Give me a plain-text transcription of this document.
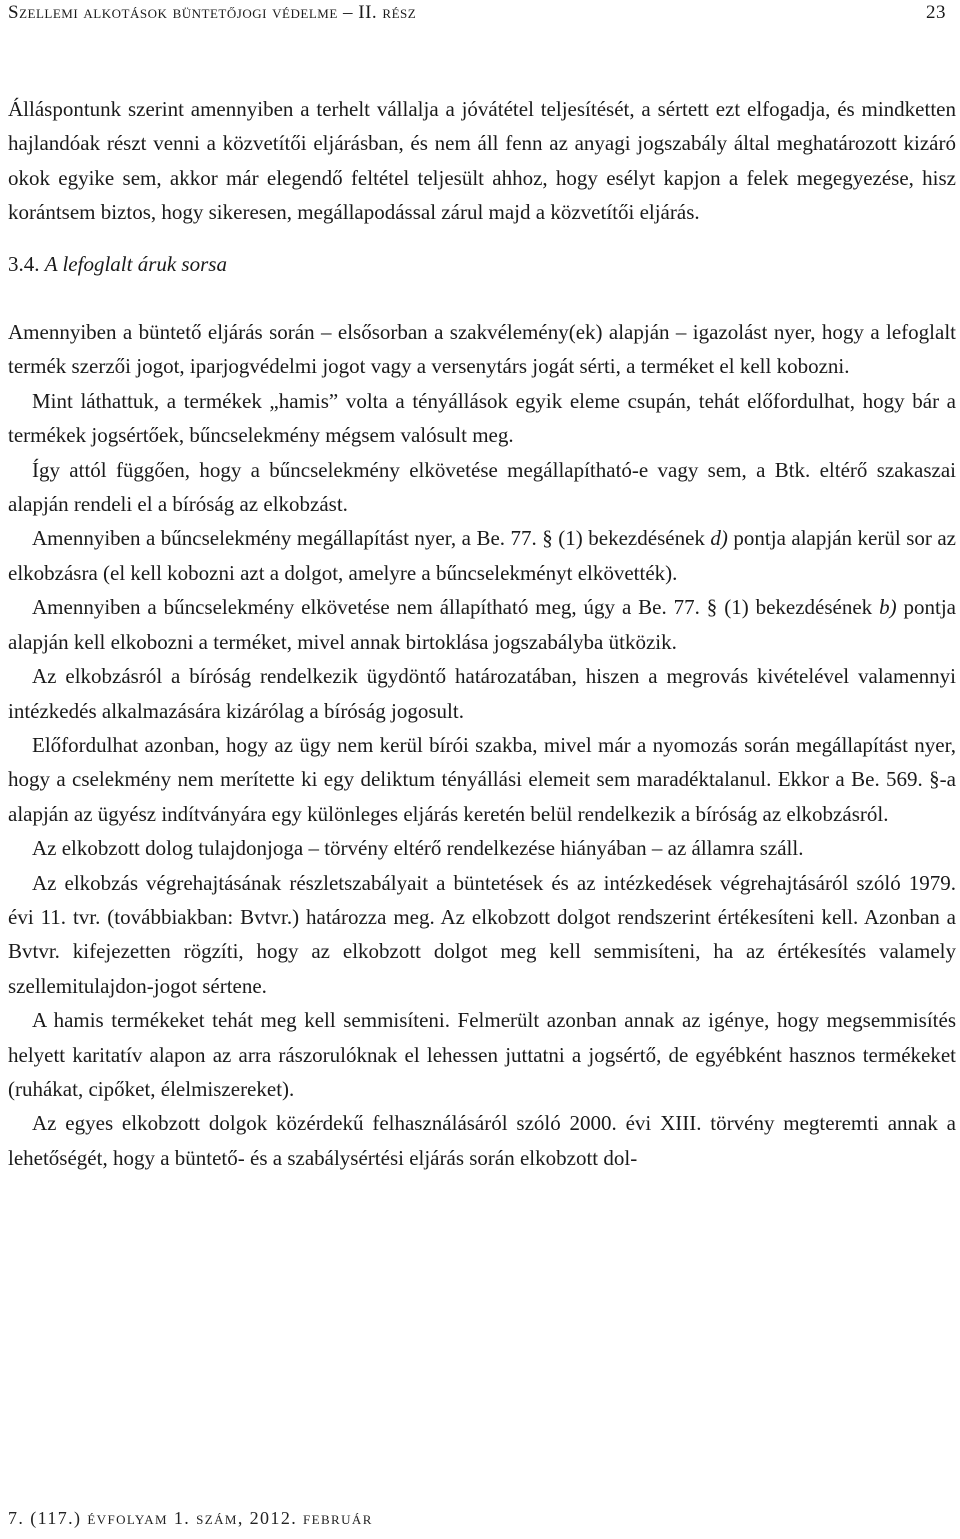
Szellemi alkotások büntetőjogi védelme – II. rész	23

Álláspontunk szerint amennyiben a terhelt vállalja a jóvátétel teljesítését, a sértett ezt elfogadja, és mindketten hajlandóak részt venni a közvetítői eljárásban, és nem áll fenn az anyagi jogszabály által meghatározott kizáró okok egyike sem, akkor már elegendő feltétel teljesült ahhoz, hogy esélyt kapjon a felek megegyezése, hisz korántsem biztos, hogy sikeresen, megállapodással zárul majd a közvetítői eljárás.

3.4. A lefoglalt áruk sorsa

Amennyiben a büntető eljárás során – elsősorban a szakvélemény(ek) alapján – igazolást nyer, hogy a lefoglalt termék szerzői jogot, iparjogvédelmi jogot vagy a versenytárs jogát sérti, a terméket el kell kobozni.

Mint láthattuk, a termékek „hamis” volta a tényállások egyik eleme csupán, tehát előfordulhat, hogy bár a termékek jogsértőek, bűncselekmény mégsem valósult meg.

Így attól függően, hogy a bűncselekmény elkövetése megállapítható-e vagy sem, a Btk. eltérő szakaszai alapján rendeli el a bíróság az elkobzást.

Amennyiben a bűncselekmény megállapítást nyer, a Be. 77. § (1) bekezdésének d) pontja alapján kerül sor az elkobzásra (el kell kobozni azt a dolgot, amelyre a bűncselekményt elkövették).

Amennyiben a bűncselekmény elkövetése nem állapítható meg, úgy a Be. 77. § (1) bekezdésének b) pontja alapján kell elkobozni a terméket, mivel annak birtoklása jogszabályba ütközik.

Az elkobzásról a bíróság rendelkezik ügydöntő határozatában, hiszen a megrovás kivételével valamennyi intézkedés alkalmazására kizárólag a bíróság jogosult.

Előfordulhat azonban, hogy az ügy nem kerül bírói szakba, mivel már a nyomozás során megállapítást nyer, hogy a cselekmény nem merítette ki egy deliktum tényállási elemeit sem maradéktalanul. Ekkor a Be. 569. §-a alapján az ügyész indítványára egy különleges eljárás keretén belül rendelkezik a bíróság az elkobzásról.

Az elkobzott dolog tulajdonjoga – törvény eltérő rendelkezése hiányában – az államra száll.

Az elkobzás végrehajtásának részletszabályait a büntetések és az intézkedések végrehajtásáról szóló 1979. évi 11. tvr. (továbbiakban: Bvtvr.) határozza meg. Az elkobzott dolgot rendszerint értékesíteni kell. Azonban a Bvtvr. kifejezetten rögzíti, hogy az elkobzott dolgot meg kell semmisíteni, ha az értékesítés valamely szellemitulajdon-jogot sértene.

A hamis termékeket tehát meg kell semmisíteni. Felmerült azonban annak az igénye, hogy megsemmisítés helyett karitatív alapon az arra rászorulóknak el lehessen juttatni a jogsértő, de egyébként hasznos termékeket (ruhákat, cipőket, élelmiszereket).

Az egyes elkobzott dolgok közérdekű felhasználásáról szóló 2000. évi XIII. törvény megteremti annak a lehetőségét, hogy a büntető- és a szabálysértési eljárás során elkobzott dol-

7. (117.) évfolyam 1. szám, 2012. február
